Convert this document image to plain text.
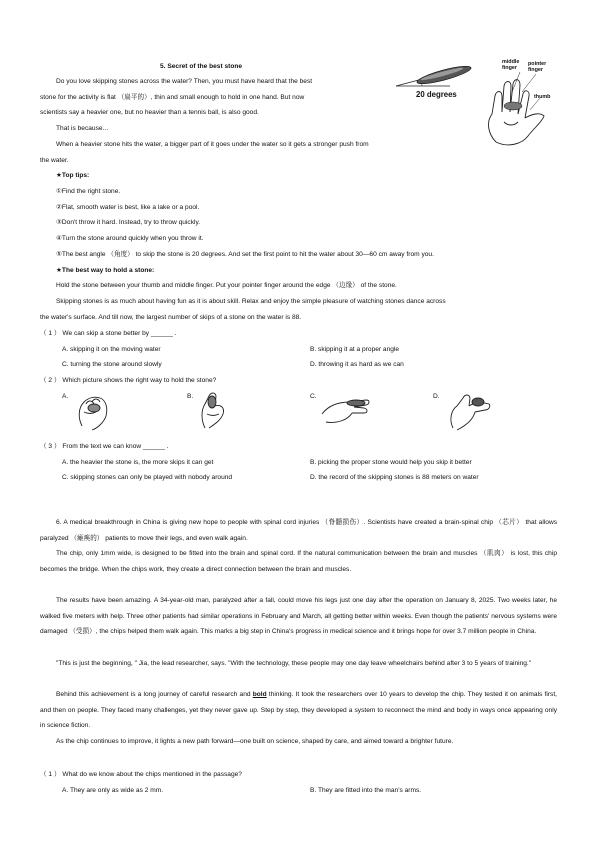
5. Secret of the best stone
20 degrees
middle finger
pointer finger
thumb
Do you love skipping stones across the water? Then, you must have heard that the best
stone for the activity is flat （扁平的）, thin and small enough to hold in one hand. But now
scientists say a heavier one, but no heavier than a tennis ball, is also good.
That is because...
When a heavier stone hits the water, a bigger part of it goes under the water so it gets a stronger push from
the water.
★Top tips:
①Find the right stone.
②Flat, smooth water is best, like a lake or a pool.
③Don't throw it hard. Instead, try to throw quickly.
④Turn the stone around quickly when you throw it.
⑤The best angle （角度） to skip the stone is 20 degrees. And set the first point to hit the water about 30—60 cm away from you.
★The best way to hold a stone:
Hold the stone between your thumb and middle finger. Put your pointer finger around the edge （边缘） of the stone.
Skipping stones is as much about having fun as it is about skill. Relax and enjoy the simple pleasure of watching stones dance across
the water's surface. And till now, the largest number of skips of a stone on the water is 88.
（ 1 ） We can skip a stone better by ______ .
A. skipping it on the moving water	B. skipping it at a proper angle
C. turning the stone around slowly	D. throwing it as hard as we can
（ 2 ） Which picture shows the right way to hold the stone?
A.	B.	C.	D.
（ 3 ） From the text we can know ______ .
A. the heavier the stone is, the more skips it can get	B. picking the proper stone would help you skip it better
C. skipping stones can only be played with nobody around	D. the record of the skipping stones is 88 meters on water
6. A medical breakthrough in China is giving new hope to people with spinal cord injuries （脊髓损伤）. Scientists have created a brain-spinal chip （芯片） that allows paralyzed （瘫痪的） patients to move their legs, and even walk again.
The chip, only 1mm wide, is designed to be fitted into the brain and spinal cord. If the natural communication between the brain and muscles （肌肉） is lost, this chip becomes the bridge. When the chips work, they create a direct connection between the brain and muscles.
The results have been amazing. A 34-year-old man, paralyzed after a fall, could move his legs just one day after the operation on January 8, 2025. Two weeks later, he walked five meters with help. Three other patients had similar operations in February and March, all getting better within weeks. Even though the patients' nervous systems were damaged （受损）, the chips helped them walk again. This marks a big step in China's progress in medical science and it brings hope for over 3.7 million people in China.
"This is just the beginning, " Jia, the lead researcher, says. "With the technology, these people may one day leave wheelchairs behind after 3 to 5 years of training."
Behind this achievement is a long journey of careful research and bold thinking. It took the researchers over 10 years to develop the chip. They tested it on animals first, and then on people. They faced many challenges, yet they never gave up. Step by step, they developed a system to reconnect the mind and body in ways once appearing only in science fiction.
As the chip continues to improve, it lights a new path forward—one built on science, shaped by care, and aimed toward a brighter future.
（ 1 ） What do we know about the chips mentioned in the passage?
A. They are only as wide as 2 mm.	B. They are fitted into the man's arms.
